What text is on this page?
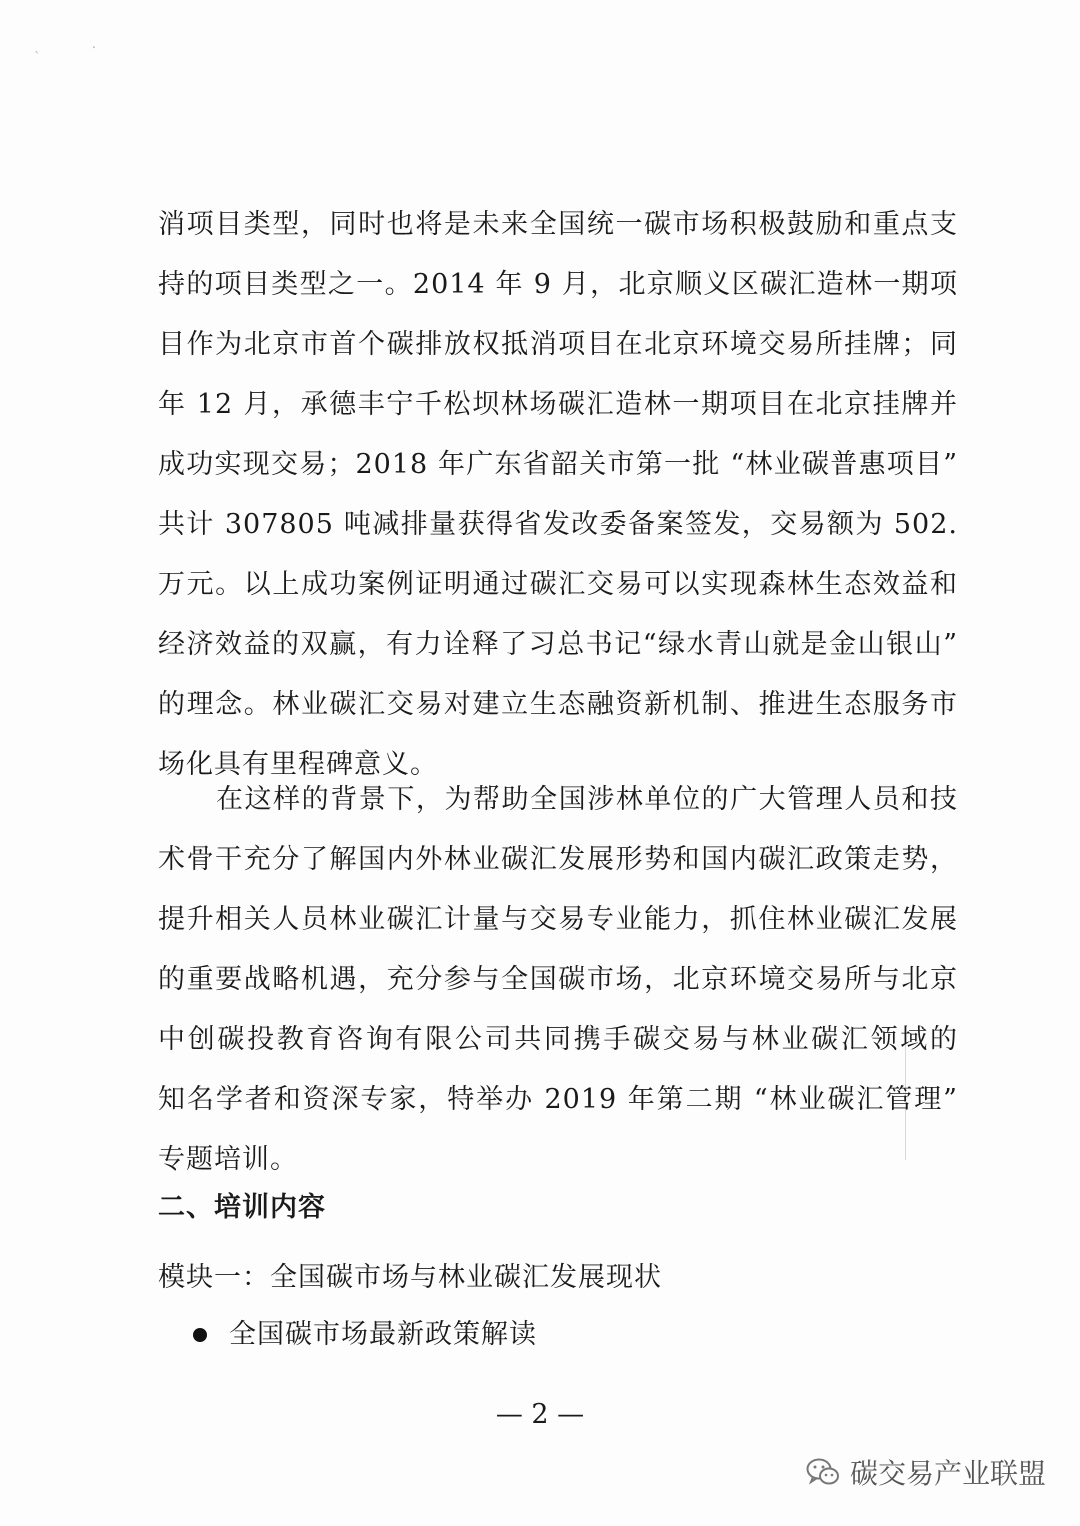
⸳
ˋ
消项目类型，同时也将是未来全国统一碳市场积极鼓励和重点支
持的项目类型之一。2014 年 9 月，北京顺义区碳汇造林一期项
目作为北京市首个碳排放权抵消项目在北京环境交易所挂牌；同
年 12 月，承德丰宁千松坝林场碳汇造林一期项目在北京挂牌并
成功实现交易；2018 年广东省韶关市第一批 “林业碳普惠项目”
共计 307805 吨减排量获得省发改委备案签发，交易额为 502.
万元。以上成功案例证明通过碳汇交易可以实现森林生态效益和
经济效益的双赢，有力诠释了习总书记“绿水青山就是金山银山”
的理念。林业碳汇交易对建立生态融资新机制、推进生态服务市
场化具有里程碑意义。
在这样的背景下，为帮助全国涉林单位的广大管理人员和技
术骨干充分了解国内外林业碳汇发展形势和国内碳汇政策走势，
提升相关人员林业碳汇计量与交易专业能力，抓住林业碳汇发展
的重要战略机遇，充分参与全国碳市场，北京环境交易所与北京
中创碳投教育咨询有限公司共同携手碳交易与林业碳汇领域的
知名学者和资深专家，特举办 2019 年第二期 “林业碳汇管理”
专题培训。
二、培训内容
模块一：全国碳市场与林业碳汇发展现状
全国碳市场最新政策解读
— 2 —
碳交易产业联盟
